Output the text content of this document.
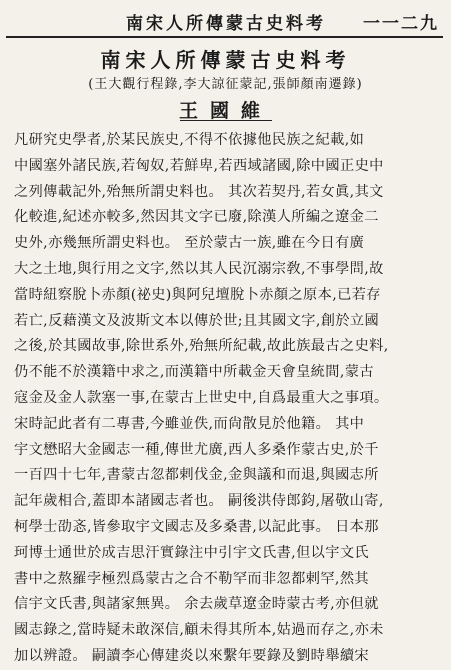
南宋人所傳蒙古史料考 一一二九
南宋人所傳蒙古史料考
(王大觀行程錄,李大諒征蒙記,張師顏南遷錄)
王國維
凡研究史學者,於某民族史,不得不依據他民族之紀載,如
中國塞外諸民族,若匈奴,若鮮卑,若西域諸國,除中國正史中
之列傳載記外,殆無所謂史料也。 其次若契丹,若女眞,其文
化較進,紀述亦較多,然因其文字已廢,除漢人所編之遼金二
史外,亦幾無所謂史料也。 至於蒙古一族,雖在今日有廣
大之土地,與行用之文字,然以其人民沉溺宗敎,不事學問,故
當時紐察脫卜赤顏(祕史)與阿兒壇脫卜赤顏之原本,已若存
若亡,反藉漢文及波斯文本以傳於世;且其國文字,創於立國
之後,於其國故事,除世系外,殆無所紀載,故此族最古之史料,
仍不能不於漢籍中求之,而漢籍中所載金天會皇統間,蒙古
寇金及金人款塞一事,在蒙古上世史中,自爲最重大之事項。
宋時記此者有二專書,今雖並佚,而尙散見於他籍。 其中
宇文懋昭大金國志一種,傳世尤廣,西人多桑作蒙古史,於千
一百四十七年,書蒙古忽都剌伐金,金與議和而退,與國志所
記年歲相合,蓋即本諸國志者也。 嗣後洪侍郎鈞,屠敬山寄,
柯學士劭忞,皆參取宇文國志及多桑書,以記此事。 日本那
珂博士通世於成吉思汗實錄注中引宇文氏書,但以宇文氏
書中之熬羅孛極烈爲蒙古之合不勒罕而非忽都剌罕,然其
信宇文氏書,與諸家無異。 余去歲草遼金時蒙古考,亦但就
國志錄之,當時疑未敢深信,顧未得其所本,姑過而存之,亦未
加以辨證。 嗣讀李心傳建炎以來繫年要錄及劉時舉續宋
